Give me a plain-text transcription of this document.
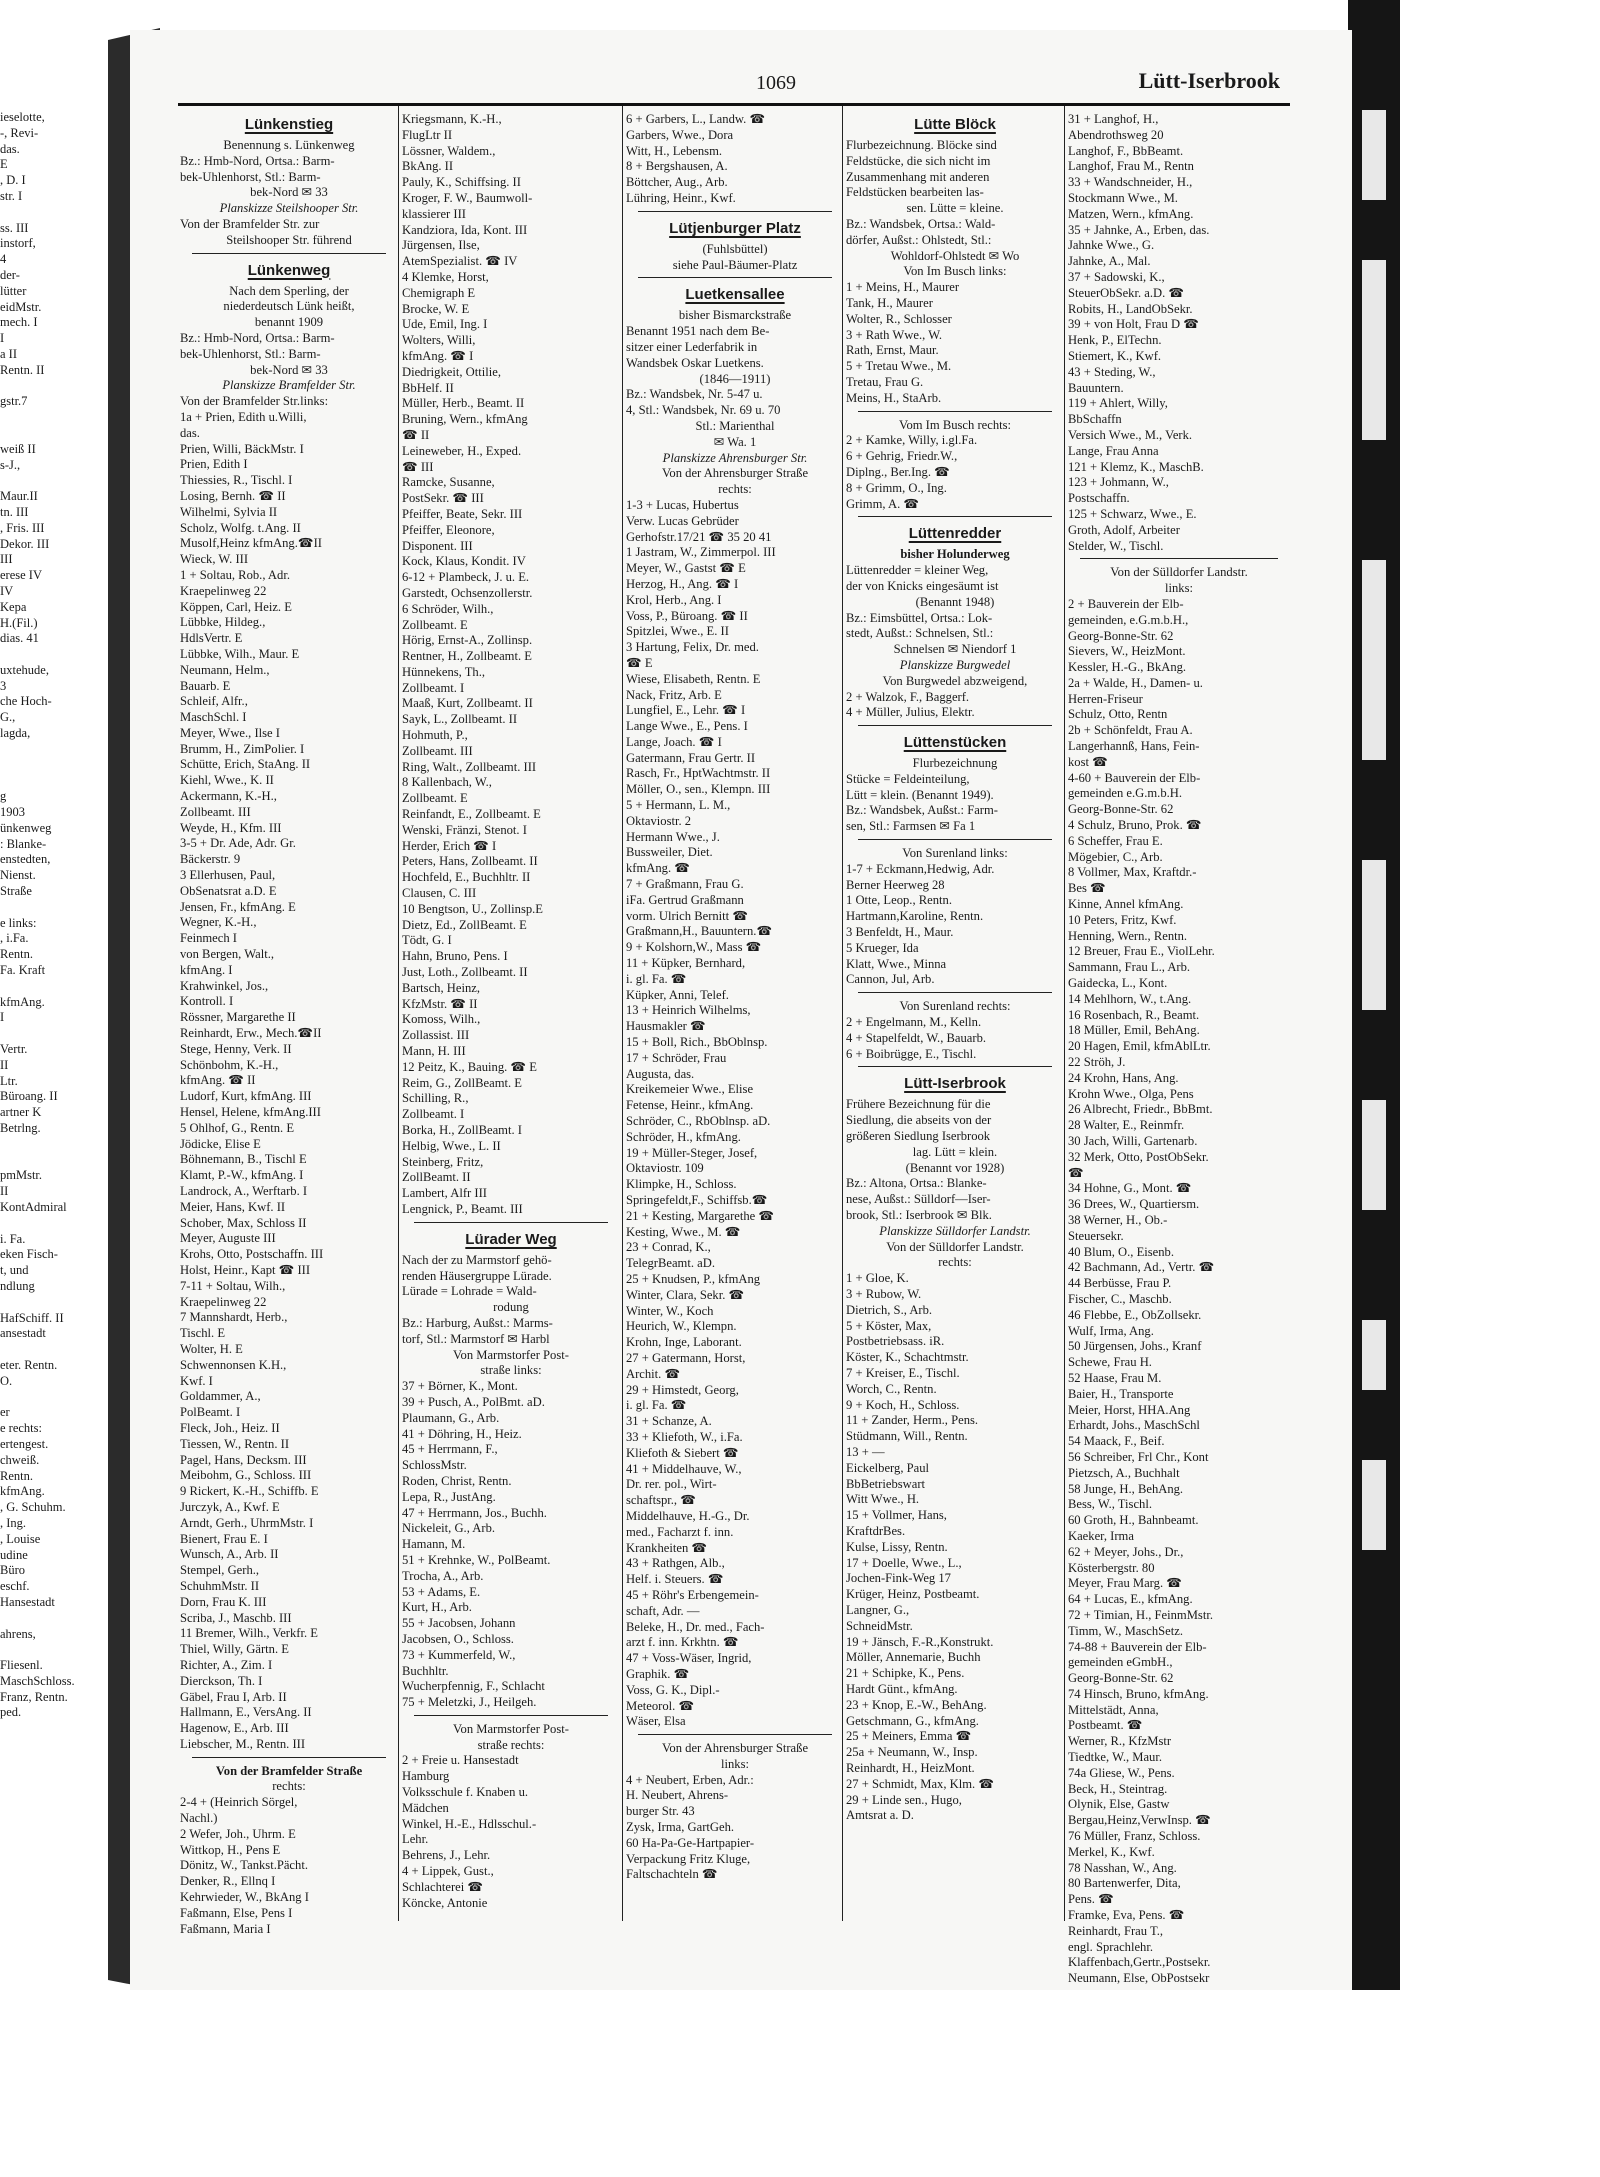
ieselotte,
-, Revi-
das.
E
, D. I
str. I
ss. III
instorf,
4
der-
lütter
eidMstr.
mech. I
I
a II
Rentn. II
gstr.7
weiß II
s-J.,
Maur.II
tn. III
, Fris. III
Dekor. III
III
erese IV
IV
Kepa
H.(Fil.)
dias. 41
uxtehude,
3
che Hoch-
G.,
lagda,
g
1903
ünkenweg
: Blanke-
enstedten,
Nienst.
Straße
e links:
, i.Fa.
Rentn.
Fa. Kraft
kfmAng.
I
Vertr.
II
Ltr.
Büroang. II
artner K
Betrlng.
pmMstr.
II
KontAdmiral
i. Fa.
eken Fisch-
t, und
ndlung
HafSchiff. II
ansestadt
eter. Rentn.
O.
er
e rechts:
ertengest.
chweiß.
Rentn.
kfmAng.
, G. Schuhm.
, Ing.
, Louise
udine
Büro
eschf.
Hansestadt
ahrens,
Fliesenl.
MaschSchloss.
Franz, Rentn.
ped.
1069	Lütt-Iserbrook
Lünkenstieg
Benennung s. Lünkenweg
Bz.: Hmb-Nord, Ortsa.: Barm-
bek-Uhlenhorst, Stl.: Barm-
bek-Nord ✉ 33
Planskizze Steilshooper Str.
Von der Bramfelder Str. zur
Steilshooper Str. führend
Lünkenweg
Nach dem Sperling, der
niederdeutsch Lünk heißt,
benannt 1909
Bz.: Hmb-Nord, Ortsa.: Barm-
bek-Uhlenhorst, Stl.: Barm-
bek-Nord ✉ 33
Planskizze Bramfelder Str.
Von der Bramfelder Str.links:
1a + Prien, Edith u.Willi,
das.
Prien, Willi, BäckMstr. I
Prien, Edith I
Thiessies, R., Tischl. I
Losing, Bernh. ☎ II
Wilhelmi, Sylvia II
Scholz, Wolfg. t.Ang. II
Musolf,Heinz kfmAng.☎II
Wieck, W. III
1 + Soltau, Rob., Adr.
Kraepelinweg 22
Köppen, Carl, Heiz. E
Lübbke, Hildeg.,
HdlsVertr. E
Lübbke, Wilh., Maur. E
Neumann, Helm.,
Bauarb. E
Schleif, Alfr.,
MaschSchl. I
Meyer, Wwe., Ilse I
Brumm, H., ZimPolier. I
Schütte, Erich, StaAng. II
Kiehl, Wwe., K. II
Ackermann, K.-H.,
Zollbeamt. III
Weyde, H., Kfm. III
3-5 + Dr. Ade, Adr. Gr.
Bäckerstr. 9
3 Ellerhusen, Paul,
ObSenatsrat a.D. E
Jensen, Fr., kfmAng. E
Wegner, K.-H.,
Feinmech I
von Bergen, Walt.,
kfmAng. I
Krahwinkel, Jos.,
Kontroll. I
Rössner, Margarethe II
Reinhardt, Erw., Mech.☎II
Stege, Henny, Verk. II
Schönbohm, K.-H.,
kfmAng. ☎ II
Ludorf, Kurt, kfmAng. III
Hensel, Helene, kfmAng.III
5 Ohlhof, G., Rentn. E
Jödicke, Elise E
Böhnemann, B., Tischl E
Klamt, P.-W., kfmAng. I
Landrock, A., Werftarb. I
Meier, Hans, Kwf. II
Schober, Max, Schloss II
Meyer, Auguste III
Krohs, Otto, Postschaffn. III
Holst, Heinr., Kapt ☎ III
7-11 + Soltau, Wilh.,
Kraepelinweg 22
7 Mannshardt, Herb.,
Tischl. E
Wolter, H. E
Schwennonsen K.H.,
Kwf. I
Goldammer, A.,
PolBeamt. I
Fleck, Joh., Heiz. II
Tiessen, W., Rentn. II
Pagel, Hans, Decksm. III
Meibohm, G., Schloss. III
9 Rickert, K.-H., Schiffb. E
Jurczyk, A., Kwf. E
Arndt, Gerh., UhrmMstr. I
Bienert, Frau E. I
Wunsch, A., Arb. II
Stempel, Gerh.,
SchuhmMstr. II
Dorn, Frau K. III
Scriba, J., Maschb. III
11 Bremer, Wilh., Verkfr. E
Thiel, Willy, Gärtn. E
Richter, A., Zim. I
Dierckson, Th. I
Gäbel, Frau I, Arb. II
Hallmann, E., VersAng. II
Hagenow, E., Arb. III
Liebscher, M., Rentn. III
Von der Bramfelder Straße
rechts:
2-4 + (Heinrich Sörgel,
Nachl.)
2 Wefer, Joh., Uhrm. E
Wittkop, H., Pens E
Dönitz, W., Tankst.Pächt.
Denker, R., Ellnq I
Kehrwieder, W., BkAng I
Faßmann, Else, Pens I
Faßmann, Maria I
Kriegsmann, K.-H.,
FlugLtr II
Lössner, Waldem.,
BkAng. II
Pauly, K., Schiffsing. II
Kroger, F. W., Baumwoll-
klassierer III
Kandziora, Ida, Kont. III
Jürgensen, Ilse,
AtemSpezialist. ☎ IV
4 Klemke, Horst,
Chemigraph E
Brocke, W. E
Ude, Emil, Ing. I
Wolters, Willi,
kfmAng. ☎ I
Diedrigkeit, Ottilie,
BbHelf. II
Müller, Herb., Beamt. II
Bruning, Wern., kfmAng
☎ II
Leineweber, H., Exped.
☎ III
Ramcke, Susanne,
PostSekr. ☎ III
Pfeiffer, Beate, Sekr. III
Pfeiffer, Eleonore,
Disponent. III
Kock, Klaus, Kondit. IV
6-12 + Plambeck, J. u. E.
Garstedt, Ochsenzollerstr.
6 Schröder, Wilh.,
Zollbeamt. E
Hörig, Ernst-A., Zollinsp.
Rentner, H., Zollbeamt. E
Hünnekens, Th.,
Zollbeamt. I
Maaß, Kurt, Zollbeamt. II
Sayk, L., Zollbeamt. II
Hohmuth, P.,
Zollbeamt. III
Ring, Walt., Zollbeamt. III
8 Kallenbach, W.,
Zollbeamt. E
Reinfandt, E., Zollbeamt. E
Wenski, Fränzi, Stenot. I
Herder, Erich ☎ I
Peters, Hans, Zollbeamt. II
Hochfeld, E., Buchhltr. II
Clausen, C. III
10 Bengtson, U., Zollinsp.E
Dietz, Ed., ZollBeamt. E
Tödt, G. I
Hahn, Bruno, Pens. I
Just, Loth., Zollbeamt. II
Bartsch, Heinz,
KfzMstr. ☎ II
Komoss, Wilh.,
Zollassist. III
Mann, H. III
12 Peitz, K., Bauing. ☎ E
Reim, G., ZollBeamt. E
Schilling, R.,
Zollbeamt. I
Borka, H., ZollBeamt. I
Helbig, Wwe., L. II
Steinberg, Fritz,
ZollBeamt. II
Lambert, Alfr III
Lengnick, P., Beamt. III
Lürader Weg
Nach der zu Marmstorf gehö-
renden Häusergruppe Lürade.
Lürade = Lohrade = Wald-
rodung
Bz.: Harburg, Außst.: Marms-
torf, Stl.: Marmstorf ✉ Harbl
Von Marmstorfer Post-
straße links:
37 + Börner, K., Mont.
39 + Pusch, A., PolBmt. aD.
Plaumann, G., Arb.
41 + Döhring, H., Heiz.
45 + Herrmann, F.,
SchlossMstr.
Roden, Christ, Rentn.
Lepa, R., JustAng.
47 + Herrmann, Jos., Buchh.
Nickeleit, G., Arb.
Hamann, M.
51 + Krehnke, W., PolBeamt.
Trocha, A., Arb.
53 + Adams, E.
Kurt, H., Arb.
55 + Jacobsen, Johann
Jacobsen, O., Schloss.
73 + Kummerfeld, W.,
Buchhltr.
Wucherpfennig, F., Schlacht
75 + Meletzki, J., Heilgeh.
Von Marmstorfer Post-
straße rechts:
2 + Freie u. Hansestadt
Hamburg
Volksschule f. Knaben u.
Mädchen
Winkel, H.-E., Hdlsschul.-
Lehr.
Behrens, J., Lehr.
4 + Lippek, Gust.,
Schlachterei ☎
Köncke, Antonie
6 + Garbers, L., Landw. ☎
Garbers, Wwe., Dora
Witt, H., Lebensm.
8 + Bergshausen, A.
Böttcher, Aug., Arb.
Lühring, Heinr., Kwf.
Lütjenburger Platz
(Fuhlsbüttel)
siehe Paul-Bäumer-Platz
Luetkensallee
bisher Bismarckstraße
Benannt 1951 nach dem Be-
sitzer einer Lederfabrik in
Wandsbek Oskar Luetkens.
(1846—1911)
Bz.: Wandsbek, Nr. 5-47 u.
4, Stl.: Wandsbek, Nr. 69 u. 70
Stl.: Marienthal
✉ Wa. 1
Planskizze Ahrensburger Str.
Von der Ahrensburger Straße
rechts:
1-3 + Lucas, Hubertus
Verw. Lucas Gebrüder
Gerhofstr.17/21 ☎ 35 20 41
1 Jastram, W., Zimmerpol. III
Meyer, W., Gastst ☎ E
Herzog, H., Ang. ☎ I
Krol, Herb., Ang. I
Voss, P., Büroang. ☎ II
Spitzlei, Wwe., E. II
3 Hartung, Felix, Dr. med.
☎ E
Wiese, Elisabeth, Rentn. E
Nack, Fritz, Arb. E
Lungfiel, E., Lehr. ☎ I
Lange Wwe., E., Pens. I
Lange, Joach. ☎ I
Gatermann, Frau Gertr. II
Rasch, Fr., HptWachtmstr. II
Möller, O., sen., Klempn. III
5 + Hermann, L. M.,
Oktaviostr. 2
Hermann Wwe., J.
Bussweiler, Diet.
kfmAng. ☎
7 + Graßmann, Frau G.
iFa. Gertrud Graßmann
vorm. Ulrich Bernitt ☎
Graßmann,H., Bauuntern.☎
9 + Kolshorn,W., Mass ☎
11 + Küpker, Bernhard,
i. gl. Fa. ☎
Küpker, Anni, Telef.
13 + Heinrich Wilhelms,
Hausmakler ☎
15 + Boll, Rich., BbOblnsp.
17 + Schröder, Frau
Augusta, das.
Kreikemeier Wwe., Elise
Fetense, Heinr., kfmAng.
Schröder, C., RbOblnsp. aD.
Schröder, H., kfmAng.
19 + Müller-Steger, Josef,
Oktaviostr. 109
Klimpke, H., Schloss.
Springefeldt,F., Schiffsb.☎
21 + Kesting, Margarethe ☎
Kesting, Wwe., M. ☎
23 + Conrad, K.,
TelegrBeamt. aD.
25 + Knudsen, P., kfmAng
Winter, Clara, Sekr. ☎
Winter, W., Koch
Heurich, W., Klempn.
Krohn, Inge, Laborant.
27 + Gatermann, Horst,
Archit. ☎
29 + Himstedt, Georg,
i. gl. Fa. ☎
31 + Schanze, A.
33 + Kliefoth, W., i.Fa.
Kliefoth & Siebert ☎
41 + Middelhauve, W.,
Dr. rer. pol., Wirt-
schaftspr., ☎
Middelhauve, H.-G., Dr.
med., Facharzt f. inn.
Krankheiten ☎
43 + Rathgen, Alb.,
Helf. i. Steuers. ☎
45 + Röhr's Erbengemein-
schaft, Adr. —
Beleke, H., Dr. med., Fach-
arzt f. inn. Krkhtn. ☎
47 + Voss-Wäser, Ingrid,
Graphik. ☎
Voss, G. K., Dipl.-
Meteorol. ☎
Wäser, Elsa
Von der Ahrensburger Straße
links:
4 + Neubert, Erben, Adr.:
H. Neubert, Ahrens-
burger Str. 43
Zysk, Irma, GartGeh.
60 Ha-Pa-Ge-Hartpapier-
Verpackung Fritz Kluge,
Faltschachteln ☎
Lütte Blöck
Flurbezeichnung. Blöcke sind
Feldstücke, die sich nicht im
Zusammenhang mit anderen
Feldstücken bearbeiten las-
sen. Lütte = kleine.
Bz.: Wandsbek, Ortsa.: Wald-
dörfer, Außst.: Ohlstedt, Stl.:
Wohldorf-Ohlstedt ✉ Wo
Von Im Busch links:
1 + Meins, H., Maurer
Tank, H., Maurer
Wolter, R., Schlosser
3 + Rath Wwe., W.
Rath, Ernst, Maur.
5 + Tretau Wwe., M.
Tretau, Frau G.
Meins, H., StaArb.
Vom Im Busch rechts:
2 + Kamke, Willy, i.gl.Fa.
6 + Gehrig, Friedr.W.,
Diplng., Ber.Ing. ☎
8 + Grimm, O., Ing.
Grimm, A. ☎
Lüttenredder
bisher Holunderweg
Lüttenredder = kleiner Weg,
der von Knicks eingesäumt ist
(Benannt 1948)
Bz.: Eimsbüttel, Ortsa.: Lok-
stedt, Außst.: Schnelsen, Stl.:
Schnelsen ✉ Niendorf 1
Planskizze Burgwedel
Von Burgwedel abzweigend,
2 + Walzok, F., Baggerf.
4 + Müller, Julius, Elektr.
Lüttenstücken
Flurbezeichnung
Stücke = Feldeinteilung,
Lütt = klein. (Benannt 1949).
Bz.: Wandsbek, Außst.: Farm-
sen, Stl.: Farmsen ✉ Fa 1
Von Surenland links:
1-7 + Eckmann,Hedwig, Adr.
Berner Heerweg 28
1 Otte, Leop., Rentn.
Hartmann,Karoline, Rentn.
3 Benfeldt, H., Maur.
5 Krueger, Ida
Klatt, Wwe., Minna
Cannon, Jul, Arb.
Von Surenland rechts:
2 + Engelmann, M., Kelln.
4 + Stapelfeldt, W., Bauarb.
6 + Boibrügge, E., Tischl.
Lütt-Iserbrook
Frühere Bezeichnung für die
Siedlung, die abseits von der
größeren Siedlung Iserbrook
lag. Lütt = klein.
(Benannt vor 1928)
Bz.: Altona, Ortsa.: Blanke-
nese, Außst.: Sülldorf—Iser-
brook, Stl.: Iserbrook ✉ Blk.
Planskizze Sülldorfer Landstr.
Von der Sülldorfer Landstr.
rechts:
1 + Gloe, K.
3 + Rubow, W.
Dietrich, S., Arb.
5 + Köster, Max,
Postbetriebsass. iR.
Köster, K., Schachtmstr.
7 + Kreiser, E., Tischl.
Worch, C., Rentn.
9 + Koch, H., Schloss.
11 + Zander, Herm., Pens.
Stüdmann, Will., Rentn.
13 + —
Eickelberg, Paul
BbBetriebswart
Witt Wwe., H.
15 + Vollmer, Hans,
KraftdrBes.
Kulse, Lissy, Rentn.
17 + Doelle, Wwe., L.,
Jochen-Fink-Weg 17
Krüger, Heinz, Postbeamt.
Langner, G.,
SchneidMstr.
19 + Jänsch, F.-R.,Konstrukt.
Möller, Annemarie, Buchh
21 + Schipke, K., Pens.
Hardt Günt., kfmAng.
23 + Knop, E.-W., BehAng.
Getschmann, G., kfmAng.
25 + Meiners, Emma ☎
25a + Neumann, W., Insp.
Reinhardt, H., HeizMont.
27 + Schmidt, Max, Klm. ☎
29 + Linde sen., Hugo,
Amtsrat a. D.
31 + Langhof, H.,
Abendrothsweg 20
Langhof, F., BbBeamt.
Langhof, Frau M., Rentn
33 + Wandschneider, H.,
Stockmann Wwe., M.
Matzen, Wern., kfmAng.
35 + Jahnke, A., Erben, das.
Jahnke Wwe., G.
Jahnke, A., Mal.
37 + Sadowski, K.,
SteuerObSekr. a.D. ☎
Robits, H., LandObSekr.
39 + von Holt, Frau D ☎
Henk, P., ElTechn.
Stiemert, K., Kwf.
43 + Steding, W.,
Bauuntern.
119 + Ahlert, Willy,
BbSchaffn
Versich Wwe., M., Verk.
Lange, Frau Anna
121 + Klemz, K., MaschB.
123 + Johmann, W.,
Postschaffn.
125 + Schwarz, Wwe., E.
Groth, Adolf, Arbeiter
Stelder, W., Tischl.
Von der Sülldorfer Landstr.
links:
2 + Bauverein der Elb-
gemeinden, e.G.m.b.H.,
Georg-Bonne-Str. 62
Sievers, W., HeizMont.
Kessler, H.-G., BkAng.
2a + Walde, H., Damen- u.
Herren-Friseur
Schulz, Otto, Rentn
2b + Schönfeldt, Frau A.
Langerhannß, Hans, Fein-
kost ☎
4-60 + Bauverein der Elb-
gemeinden e.G.m.b.H.
Georg-Bonne-Str. 62
4 Schulz, Bruno, Prok. ☎
6 Scheffer, Frau E.
Mögebier, C., Arb.
8 Vollmer, Max, Kraftdr.-
Bes ☎
Kinne, Annel kfmAng.
10 Peters, Fritz, Kwf.
Henning, Wern., Rentn.
12 Breuer, Frau E., ViolLehr.
Sammann, Frau L., Arb.
Gaidecka, L., Kont.
14 Mehlhorn, W., t.Ang.
16 Rosenbach, R., Beamt.
18 Müller, Emil, BehAng.
20 Hagen, Emil, kfmAblLtr.
22 Ströh, J.
24 Krohn, Hans, Ang.
Krohn Wwe., Olga, Pens
26 Albrecht, Friedr., BbBmt.
28 Walter, E., Reinmfr.
30 Jach, Willi, Gartenarb.
32 Merk, Otto, PostObSekr.
☎
34 Hohne, G., Mont. ☎
36 Drees, W., Quartiersm.
38 Werner, H., Ob.-
Steuersekr.
40 Blum, O., Eisenb.
42 Bachmann, Ad., Vertr. ☎
44 Berbüsse, Frau P.
Fischer, C., Maschb.
46 Flebbe, E., ObZollsekr.
Wulf, Irma, Ang.
50 Jürgensen, Johs., Kranf
Schewe, Frau H.
52 Haase, Frau M.
Baier, H., Transporte
Meier, Horst, HHA.Ang
Erhardt, Johs., MaschSchl
54 Maack, F., Beif.
56 Schreiber, Frl Chr., Kont
Pietzsch, A., Buchhalt
58 Junge, H., BehAng.
Bess, W., Tischl.
60 Groth, H., Bahnbeamt.
Kaeker, Irma
62 + Meyer, Johs., Dr.,
Kösterbergstr. 80
Meyer, Frau Marg. ☎
64 + Lucas, E., kfmAng.
72 + Timian, H., FeinmMstr.
Timm, W., MaschSetz.
74-88 + Bauverein der Elb-
gemeinden eGmbH.,
Georg-Bonne-Str. 62
74 Hinsch, Bruno, kfmAng.
Mittelstädt, Anna,
Postbeamt. ☎
Werner, R., KfzMstr
Tiedtke, W., Maur.
74a Gliese, W., Pens.
Beck, H., Steintrag.
Olynik, Else, Gastw
Bergau,Heinz,VerwInsp. ☎
76 Müller, Franz, Schloss.
Merkel, K., Kwf.
78 Nasshan, W., Ang.
80 Bartenwerfer, Dita,
Pens. ☎
Framke, Eva, Pens. ☎
Reinhardt, Frau T.,
engl. Sprachlehr.
Klaffenbach,Gertr.,Postsekr.
Neumann, Else, ObPostsekr
